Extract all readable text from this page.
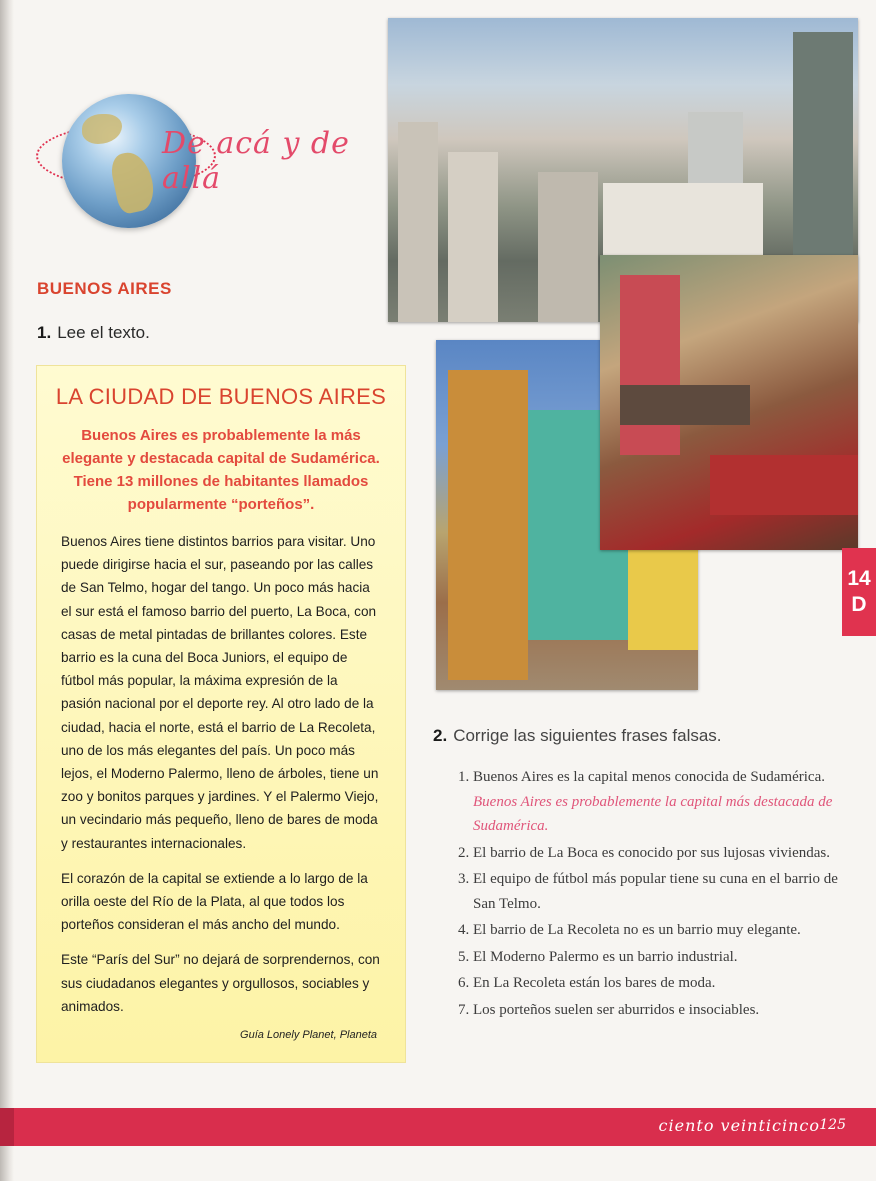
De acá y de allá
BUENOS AIRES
1. Lee el texto.
LA CIUDAD DE BUENOS AIRES
Buenos Aires es probablemente la más elegante y destacada capital de Sudamérica. Tiene 13 millones de habitantes llamados popularmente “porteños”.

Buenos Aires tiene distintos barrios para visitar. Uno puede dirigirse hacia el sur, paseando por las calles de San Telmo, hogar del tango. Un poco más hacia el sur está el famoso barrio del puerto, La Boca, con casas de metal pintadas de brillantes colores. Este barrio es la cuna del Boca Juniors, el equipo de fútbol más popular, la máxima expresión de la pasión nacional por el deporte rey. Al otro lado de la ciudad, hacia el norte, está el barrio de La Recoleta, uno de los más elegantes del país. Un poco más lejos, el Moderno Palermo, lleno de árboles, tiene un zoo y bonitos parques y jardines. Y el Palermo Viejo, un vecindario más pequeño, lleno de bares de moda y restaurantes internacionales.

El corazón de la capital se extiende a lo largo de la orilla oeste del Río de la Plata, al que todos los porteños consideran el más ancho del mundo.

Este “París del Sur” no dejará de sorprendernos, con sus ciudadanos elegantes y orgullosos, sociables y animados.

Guía Lonely Planet, Planeta
14
D
2. Corrige las siguientes frases falsas.
1. Buenos Aires es la capital menos conocida de Sudamérica.
Buenos Aires es probablemente la capital más destacada de Sudamérica.
2. El barrio de La Boca es conocido por sus lujosas viviendas.
3. El equipo de fútbol más popular tiene su cuna en el barrio de San Telmo.
4. El barrio de La Recoleta no es un barrio muy elegante.
5. El Moderno Palermo es un barrio industrial.
6. En La Recoleta están los bares de moda.
7. Los porteños suelen ser aburridos e insociables.
ciento veinticinco 125
